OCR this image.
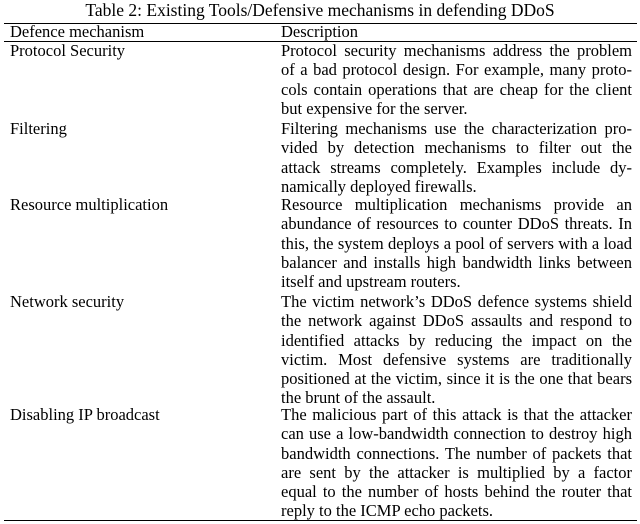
Table 2: Existing Tools/Defensive mechanisms in defending DDoS
Defence mechanism	Description
Protocol Security	Protocol security mechanisms address the problem of a bad protocol design. For example, many protocols contain operations that are cheap for the client but expensive for the server.

Filtering	Filtering mechanisms use the characterization provided by detection mechanisms to filter out the attack streams completely. Examples include dynamically deployed firewalls.

Resource multiplication	Resource multiplication mechanisms provide an abundance of resources to counter DDoS threats. In this, the system deploys a pool of servers with a load balancer and installs high bandwidth links between itself and upstream routers.

Network security	The victim network’s DDoS defence systems shield the network against DDoS assaults and respond to identified attacks by reducing the impact on the victim. Most defensive systems are traditionally positioned at the victim, since it is the one that bears the brunt of the assault.

Disabling IP broadcast	The malicious part of this attack is that the attacker can use a low-bandwidth connection to destroy high bandwidth connections. The number of packets that are sent by the attacker is multiplied by a factor equal to the number of hosts behind the router that reply to the ICMP echo packets.
